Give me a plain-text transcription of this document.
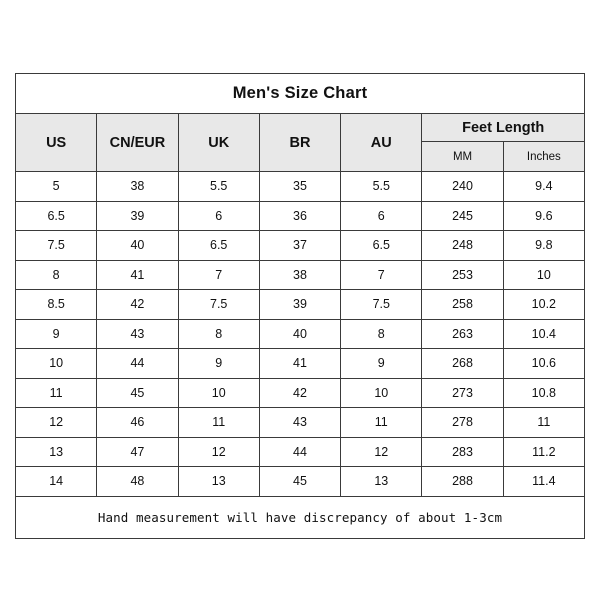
Men's Size Chart						
US	CN/EUR	UK	BR	AU	Feet Length	
					MM	Inches
5	38	5.5	35	5.5	240	9.4
6.5	39	6	36	6	245	9.6
7.5	40	6.5	37	6.5	248	9.8
8	41	7	38	7	253	10
8.5	42	7.5	39	7.5	258	10.2
9	43	8	40	8	263	10.4
10	44	9	41	9	268	10.6
11	45	10	42	10	273	10.8
12	46	11	43	11	278	11
13	47	12	44	12	283	11.2
14	48	13	45	13	288	11.4
Hand measurement will have discrepancy of about 1-3cm						
